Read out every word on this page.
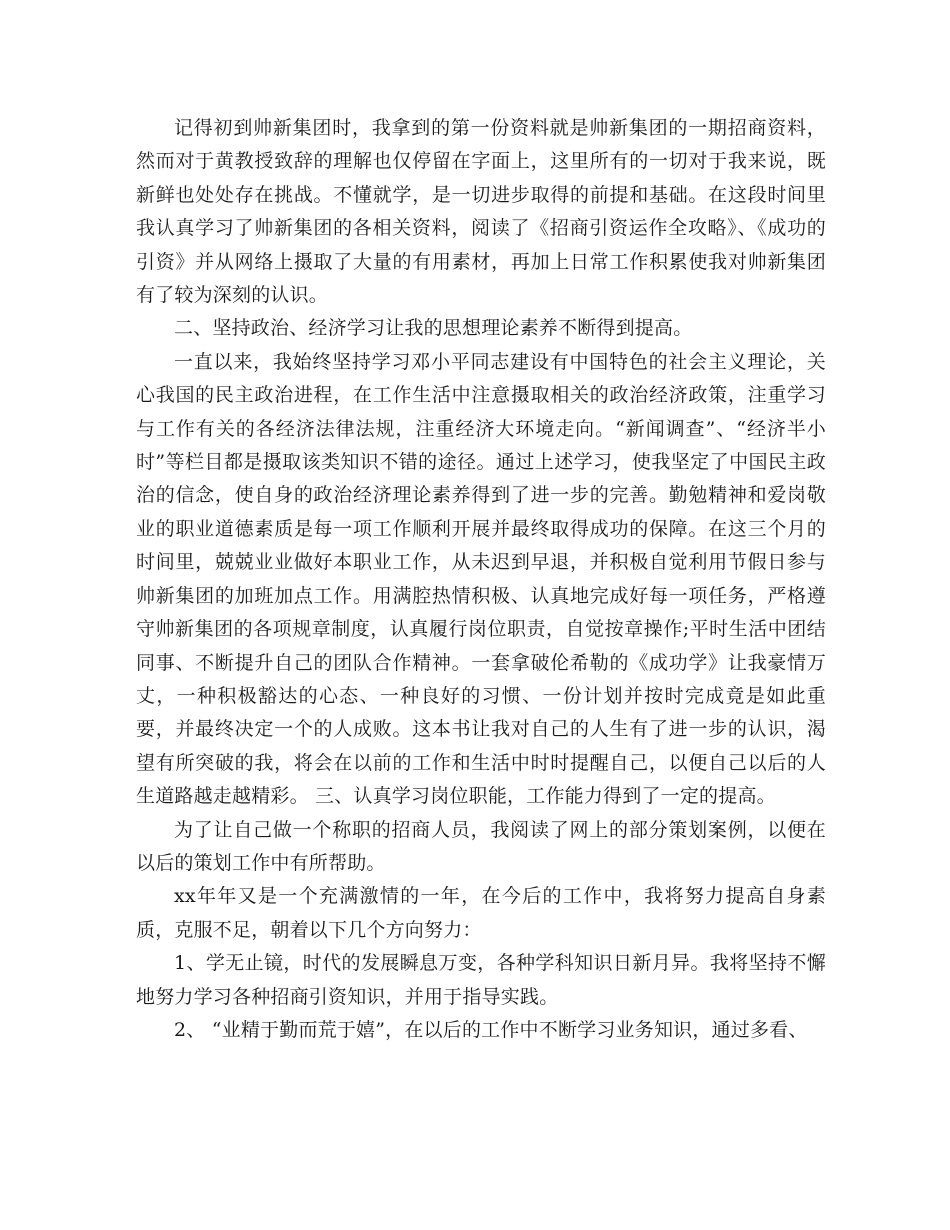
记得初到帅新集团时，我拿到的第一份资料就是帅新集团的一期招商资料，然而对于黄教授致辞的理解也仅停留在字面上，这里所有的一切对于我来说，既新鲜也处处存在挑战。不懂就学，是一切进步取得的前提和基础。在这段时间里我认真学习了帅新集团的各相关资料，阅读了《招商引资运作全攻略》、《成功的引资》并从网络上摄取了大量的有用素材，再加上日常工作积累使我对帅新集团有了较为深刻的认识。

二、坚持政治、经济学习让我的思想理论素养不断得到提高。

一直以来，我始终坚持学习邓小平同志建设有中国特色的社会主义理论，关心我国的民主政治进程，在工作生活中注意摄取相关的政治经济政策，注重学习与工作有关的各经济法律法规，注重经济大环境走向。“新闻调查”、“经济半小时”等栏目都是摄取该类知识不错的途径。通过上述学习，使我坚定了中国民主政治的信念，使自身的政治经济理论素养得到了进一步的完善。勤勉精神和爱岗敬业的职业道德素质是每一项工作顺利开展并最终取得成功的保障。在这三个月的时间里，兢兢业业做好本职业工作，从未迟到早退，并积极自觉利用节假日参与帅新集团的加班加点工作。用满腔热情积极、认真地完成好每一项任务，严格遵守帅新集团的各项规章制度，认真履行岗位职责，自觉按章操作;平时生活中团结同事、不断提升自己的团队合作精神。一套拿破伦希勒的《成功学》让我豪情万丈，一种积极豁达的心态、一种良好的习惯、一份计划并按时完成竟是如此重要，并最终决定一个的人成败。这本书让我对自己的人生有了进一步的认识，渴望有所突破的我，将会在以前的工作和生活中时时提醒自己，以便自己以后的人生道路越走越精彩。 三、认真学习岗位职能，工作能力得到了一定的提高。

为了让自己做一个称职的招商人员，我阅读了网上的部分策划案例，以便在以后的策划工作中有所帮助。

xx年年又是一个充满激情的一年，在今后的工作中，我将努力提高自身素质，克服不足，朝着以下几个方向努力：

1、学无止镜，时代的发展瞬息万变，各种学科知识日新月异。我将坚持不懈地努力学习各种招商引资知识，并用于指导实践。

2、 “业精于勤而荒于嬉”，在以后的工作中不断学习业务知识，通过多看、
